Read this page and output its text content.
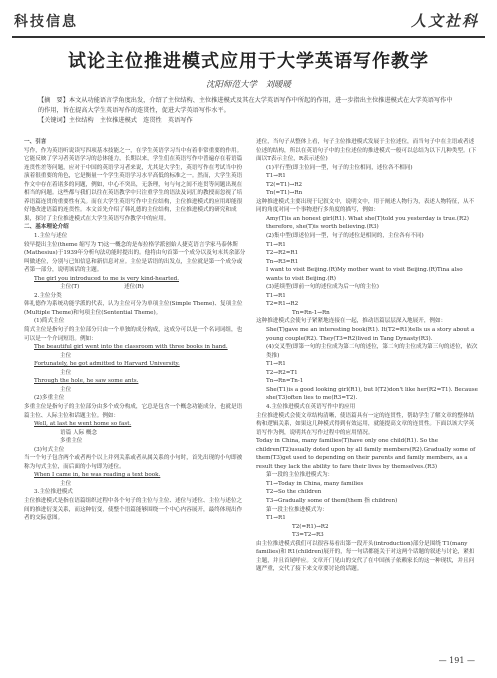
科技信息	人文社科
试论主位推进模式应用于大学英语写作教学
沈阳师范大学　刘暖暖
【摘　要】本文从功能语言学角度出发，介绍了主位结构、主位推进模式及其在大学英语写作中所起的作用，进一步指出主位推进模式在大学英语写作中的作用，旨在提高大学生英语写作的连贯性，促进大学英语写作水平。
【关键词】主位结构　主位推进模式　连贯性　英语写作

一、引言

写作，作为英语听说读写四项基本技能之一，在学生英语学习当中有着非常重要的作用。它能反映了学习者英语学习的总体能力，长期以来，学生们在英语写作中普遍存在着语篇连贯性差等问题，应对于中国的英语学习者来说，尤其是大学生，英语写作在考试当中扮演着很重要的角色，它是衡量一个学生英语学习水平高低的标准之一。然而，大学生英语作文中存在着诸多的问题，例如，中心不突出，无条理，句与句之间不连贯等问题出现在相当的问题。这些都与我们以往在英语教学中只注重学生的语法及词汇的教授而忽视了培养语篇连贯的重要性有关。而在大学生英语写作中主位结构，主位推进模式的应用却能很好地改进语篇的连贯性。本文首先介绍了韩礼德的主位结构，主位推进模式的研究和成果，探讨了主位推进模式在大学生英语写作教学中的应用。

二、基本理论介绍

1.主位与述位

较早提出主位(theme 缩写为 T)这一概念的是布拉格学派创始人捷克语言学家马泰休斯(Mathesius)于1939年分析句法功能时提出的。他将由句首第一个成分以及句末其余部分叫做述位，分别与已知信息和新信息对应。主位是话语的出发点，主位就是第一个成分或者第一部分，说明该话的主题。

The girl you introduced to me is very kind-hearted.

主位(T)　　　　　　　　述位(R)

2.主位分类

韩礼德作为系统功能学派的代表，认为主位可分为单项主位(Simple Theme)、复项主位(Multiple Theme)和句项主位(Sentential Theme)。

(1)简式主位

简式主位是指句子的主位部分只由一个单独的成分构成，这成分可以是一个名词词组，也可以是一个介词短语。例如：

The beautiful girl went into the classroom with three books in hand.

主位

Fortunately, he got admitted to Harvard University.

主位

Through the hole, he saw some ants.

主位

(2)多重主位

多重主位是指句子的主位部分由多个成分构成，它总是包含一个概念功能成分，也就是语篇主位、人际主位和话题主位。例如：

Well, at last he went home so fast.

语篇 人际 概念

多重主位

(3)句式主位

当一个句子包含两个或者两个以上并列关系或者从属关系的小句时，首先出现的小句即被称为句式主位，而后面的小句即为述位。

When I came in, he was reading a text book.

主位

3.主位推进模式

主位推进模式是指在语篇组织过程中各个句子的主位与主位、述位与述位、主位与述位之间的推进衍变关系，而这种衍变，使整个语篇能够围绕一个中心内容展开，最终体现出作者的交际意图。

述位，当句子从整体上看，句子主位推进模式发展于主位述位，而当句子中在主语或者述位述的结构，所以在英语句子中的主位述位的推进模式一般可以总结为以下几种类型。(下面以T表示主位，R表示述位)

(1)平行型(即主位同一型，句子的主位相同，述位各不相同)

T1→R1

T2(=T1)→R2

Tn(=T1)→Rn

这种推进模式主要出现于记叙文中，说明文中，用于阐述人物行为，表述人物特征，从不同的角度对同一个事物进行多角度的描写，例如：

Amy(T)is an honest girl(R1). What she(T)told you yesterday is true.(R2) therefore, she(T)is worth believing.(R3)

(2)集中型(即述位同一型，句子的述位是相同的，主位各有不同)

T1→R1

T2→R2=R1

Tn→R3=R1

I want to visit Beijing.(R)My mother want to visit Beijing.(R)Tina also wants to visit Beijing.(R)

(3)延续型(即前一句的述位成为后一句的主位)

T1→R1

T2=R1→R2

Tn=Rn-1→Rn

这种推进模式会使句子紧紧地连接在一起，推动语篇层层深入地展开，例如：

She(T)gave me an interesting book(R1). It(T2=R1)tells us a story about a young couple(R2). They(T3=R2)lived in Tang Dynasty(R3).

(4)交叉型(即第一句的主位成为第二句的述位，第二句的主位成为第三句的述位，依次类推)

T1→R1

T2→R2=T1

Tn→Rn=Tn-1

She(T1)is a good looking girl(R1), but I(T2)don't like her(R2=T1). Because she(T3)often lies to me(R3=T2).

4.主位推进模式在英语写作中的应用

主位推进模式会使文章结构清晰，使语篇具有一定的连贯性，帮助学生了解文章的整体结构和逻辑关系，如果这几种模式得到有效运用，就能提高文章的连贯性。下面以该大学英语写作为例，说明其在写作过程中的应用情况。

Today in China, many families(T)have only one child(R1). So the children(T2)usually doted upon by all family members(R2).Gradually some of them(T3)get used to depending on their parents and family members, as a result they lack the ability to fare their lives by themselves.(R3)

第一段的主位推进模式为：

T1→Today in China, many families

T2→So the children

T3→Gradually some of them(them 指 children)

第一段主位推进模式为：

T1→R1

T2(=R1)→R2

T3=T2→R3

由主位推进模式我们可以很容易看出第一段开头(introduction)部分是围绕 T1(many families)和 R1(children)展开的，每一句话都能关于对这两个话题的叙述与讨论，紧扣主题，并且首尾呼应。文章开门见山的交代了在中国孩子依赖家长的这一种现状，并且问题严重，交代了接下来文章要讨论的话题。

— 191 —
